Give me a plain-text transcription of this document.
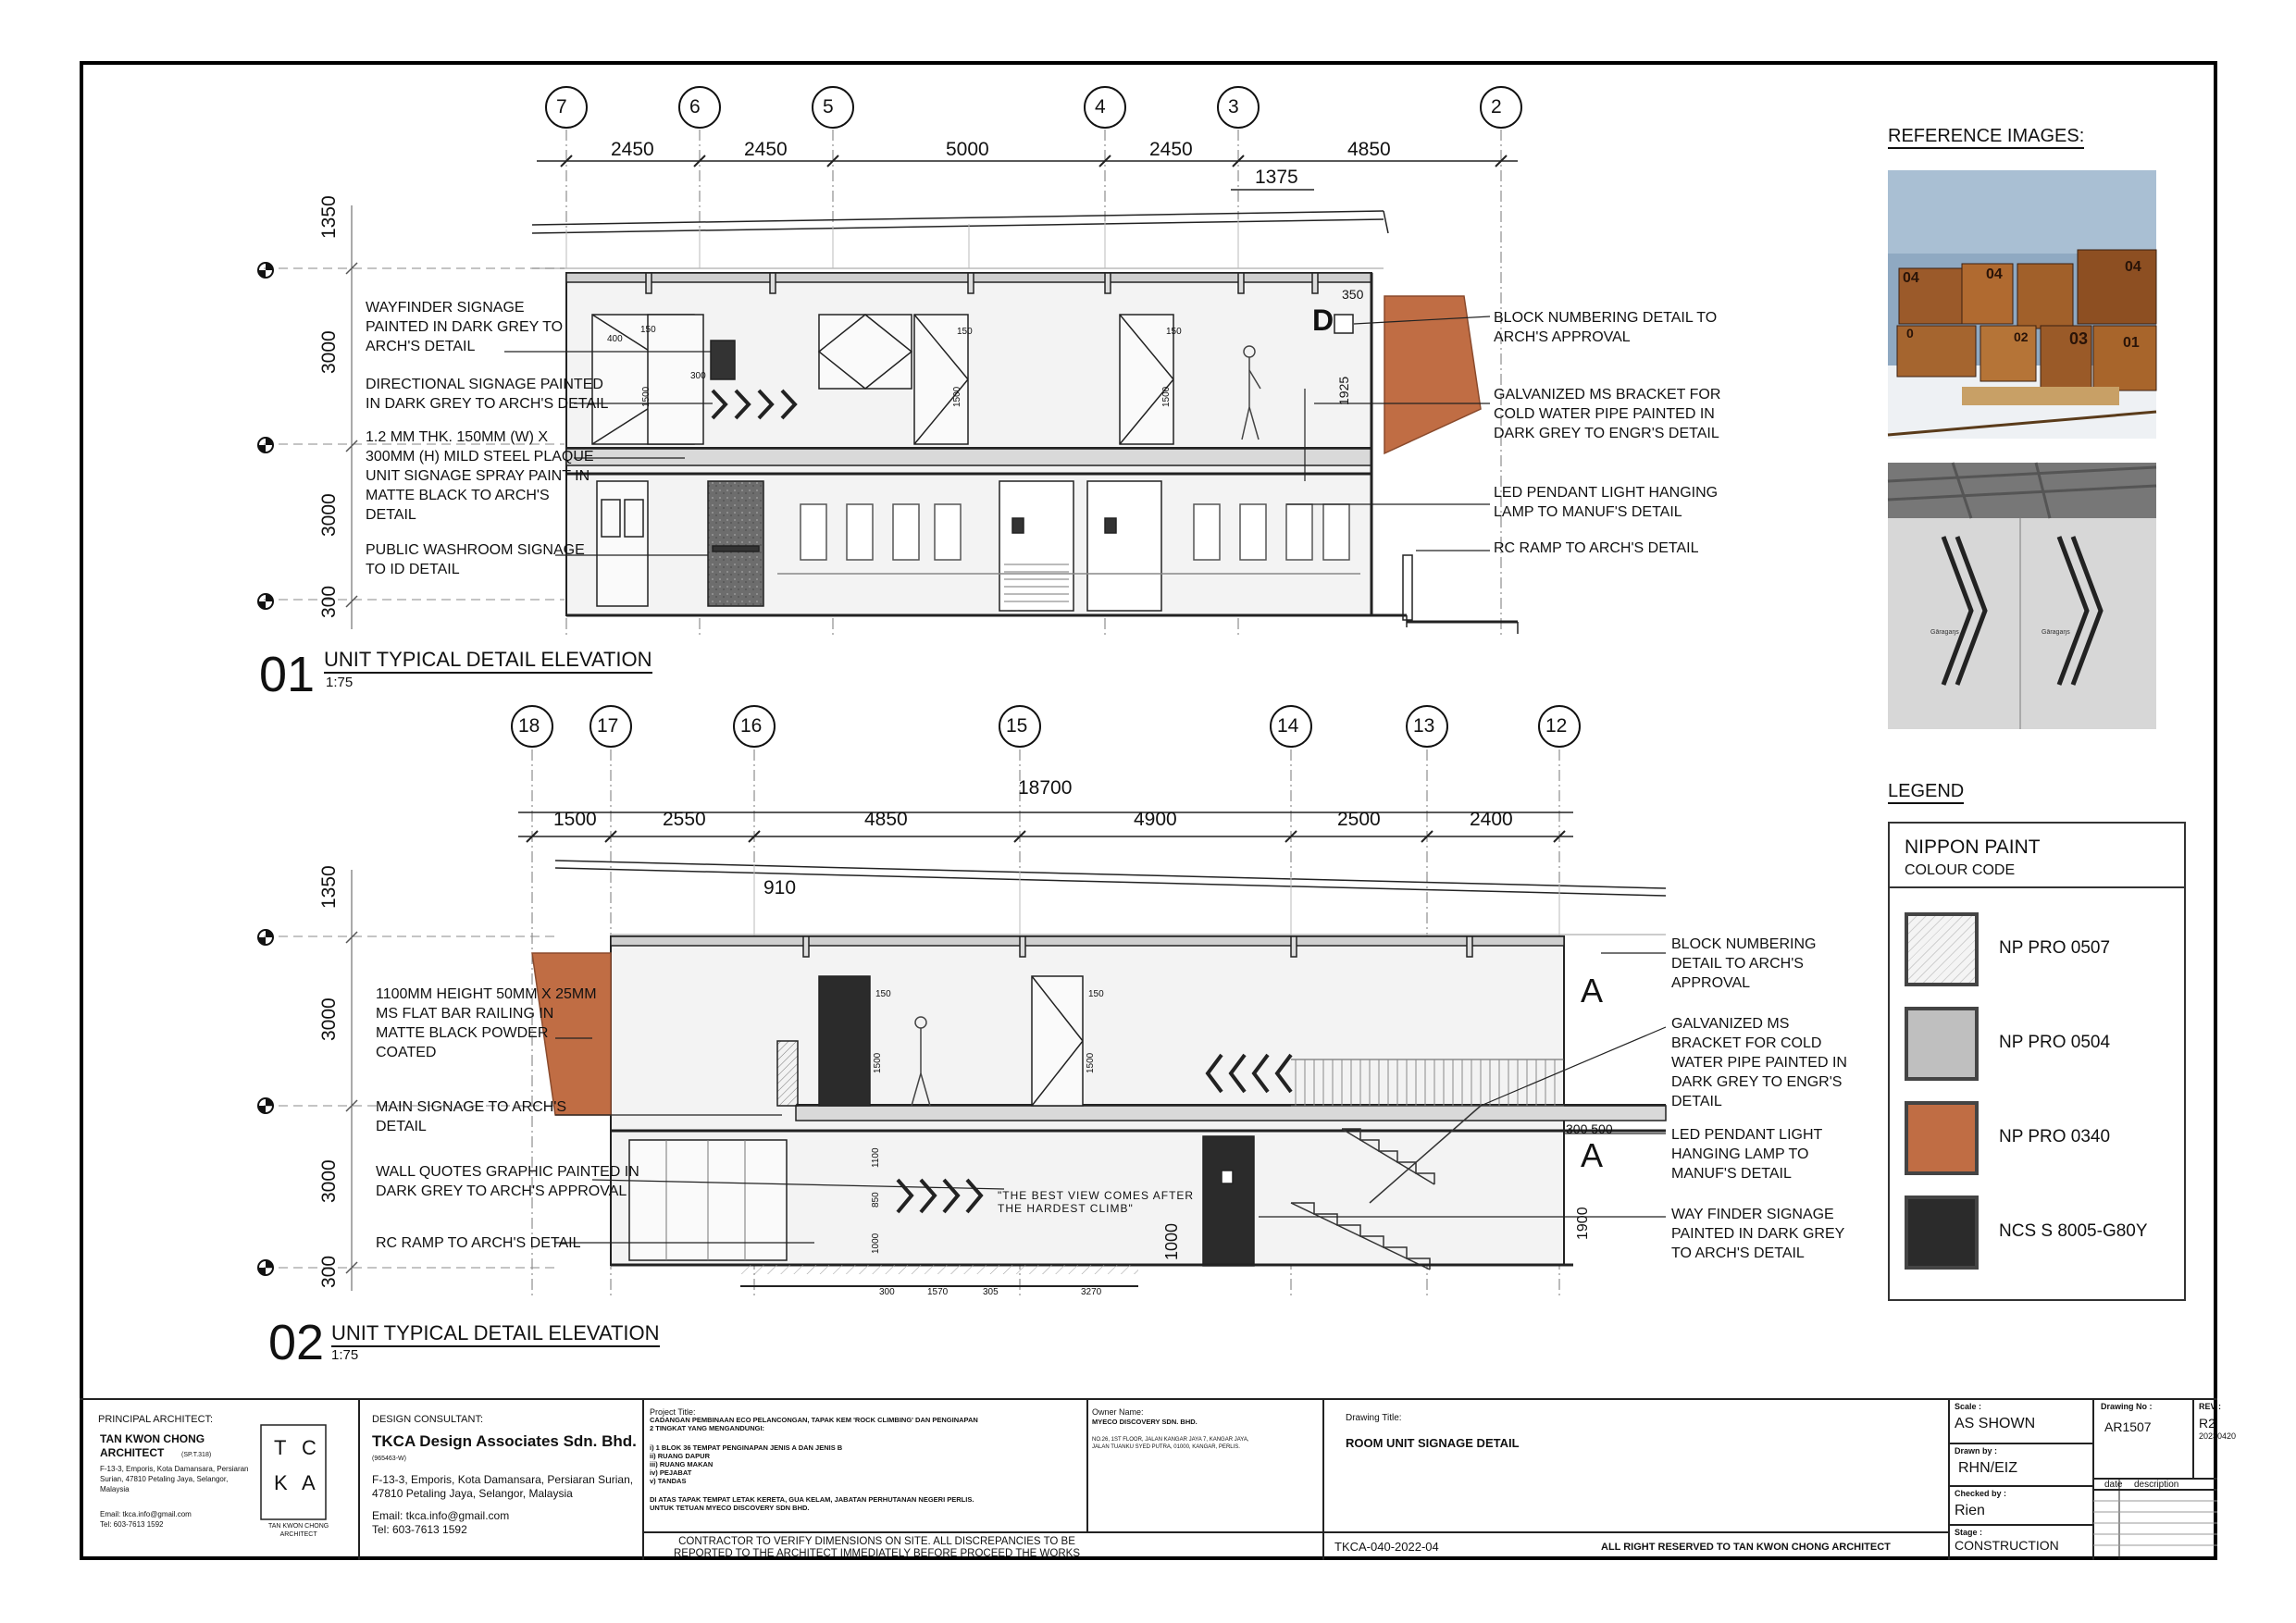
01 UNIT TYPICAL DETAIL ELEVATION
1:75
7	6	5	4	3	2
2450	2450	5000	2450	4850
1375
1350
3000
3000
300
400
300
150
1500
150
1500
150
1500	1925
350
D
WAYFINDER SIGNAGE
PAINTED IN DARK GREY TO
ARCH'S DETAIL
DIRECTIONAL SIGNAGE PAINTED
IN DARK GREY TO ARCH'S DETAIL
1.2 MM THK. 150MM (W) X
300MM (H) MILD STEEL PLAQUE
UNIT SIGNAGE SPRAY PAINT IN
MATTE BLACK TO ARCH'S
DETAIL
PUBLIC WASHROOM SIGNAGE
TO ID DETAIL
BLOCK NUMBERING DETAIL TO
ARCH'S APPROVAL
GALVANIZED MS BRACKET FOR
COLD WATER PIPE PAINTED IN
DARK GREY TO ENGR'S DETAIL
LED PENDANT LIGHT HANGING
LAMP TO MANUF'S DETAIL
RC RAMP TO ARCH'S DETAIL
02 UNIT TYPICAL DETAIL ELEVATION
1:75
18	17	16	15	14	13	12
18700
1500	2550	4850	4900	2500	2400
910
1350
3000
3000
300
150
1500
150
1500
850
1000	1000
1100
1900
300 500
300	1570	305	3270
A
A
"THE BEST VIEW COMES AFTER
THE HARDEST CLIMB"
1100MM HEIGHT 50MM X 25MM
MS FLAT BAR RAILING IN
MATTE BLACK POWDER
COATED
MAIN SIGNAGE TO ARCH'S
DETAIL
WALL QUOTES GRAPHIC PAINTED IN
DARK GREY TO ARCH'S APPROVAL
RC RAMP TO ARCH'S DETAIL
BLOCK NUMBERING
DETAIL TO ARCH'S
APPROVAL
GALVANIZED MS
BRACKET FOR COLD
WATER PIPE PAINTED IN
DARK GREY TO ENGR'S
DETAIL
LED PENDANT LIGHT
HANGING LAMP TO
MANUF'S DETAIL
WAY FINDER SIGNAGE
PAINTED IN DARK GREY
TO ARCH'S DETAIL
REFERENCE IMAGES:
04	04	04
0	02 03 01
Gāragaŋs	Gāragaŋs
LEGEND
NIPPON PAINT
COLOUR CODE
NP PRO 0507
NP PRO 0504
NP PRO 0340
NCS S 8005-G80Y
PRINCIPAL ARCHITECT:
TAN KWON CHONG
ARCHITECT	(SP.T.318)
F-13-3, Emporis, Kota Damansara, Persiaran
Surian, 47810 Petaling Jaya, Selangor,
Malaysia
Email: tkca.info@gmail.com
Tel: 603-7613 1592
T C
K A
TAN KWON CHONG
ARCHITECT
DESIGN CONSULTANT:
TKCA Design Associates Sdn. Bhd.
(965463-W)
F-13-3, Emporis, Kota Damansara, Persiaran Surian,
47810 Petaling Jaya, Selangor, Malaysia
Email: tkca.info@gmail.com
Tel: 603-7613 1592
Project Title:
CADANGAN PEMBINAAN ECO PELANCONGAN, TAPAK KEM 'ROCK CLIMBING' DAN PENGINAPAN
2 TINGKAT YANG MENGANDUNGI:
i) 1 BLOK 36 TEMPAT PENGINAPAN JENIS A DAN JENIS B
ii) RUANG DAPUR
iii) RUANG MAKAN
iv) PEJABAT
v) TANDAS
DI ATAS TAPAK TEMPAT LETAK KERETA, GUA KELAM, JABATAN PERHUTANAN NEGERI PERLIS.
UNTUK TETUAN MYECO DISCOVERY SDN BHD.
Owner Name:
MYECO DISCOVERY SDN. BHD.
NO.26, 1ST FLOOR, JALAN KANGAR JAYA 7, KANGAR JAYA,
JALAN TUANKU SYED PUTRA, 01000, KANGAR, PERLIS.
Drawing Title:
ROOM UNIT SIGNAGE DETAIL
CONTRACTOR TO VERIFY DIMENSIONS ON SITE. ALL DISCREPANCIES TO BE
REPORTED TO THE ARCHITECT IMMEDIATELY BEFORE PROCEED THE WORKS	TKCA-040-2022-04	ALL RIGHT RESERVED TO TAN KWON CHONG ARCHITECT
Scale :
AS SHOWN
Drawn by :
RHN/EIZ
Checked by :
Rien
Stage :
CONSTRUCTION
Drawing No :
AR1507
REV :
R2
20230420
date description
